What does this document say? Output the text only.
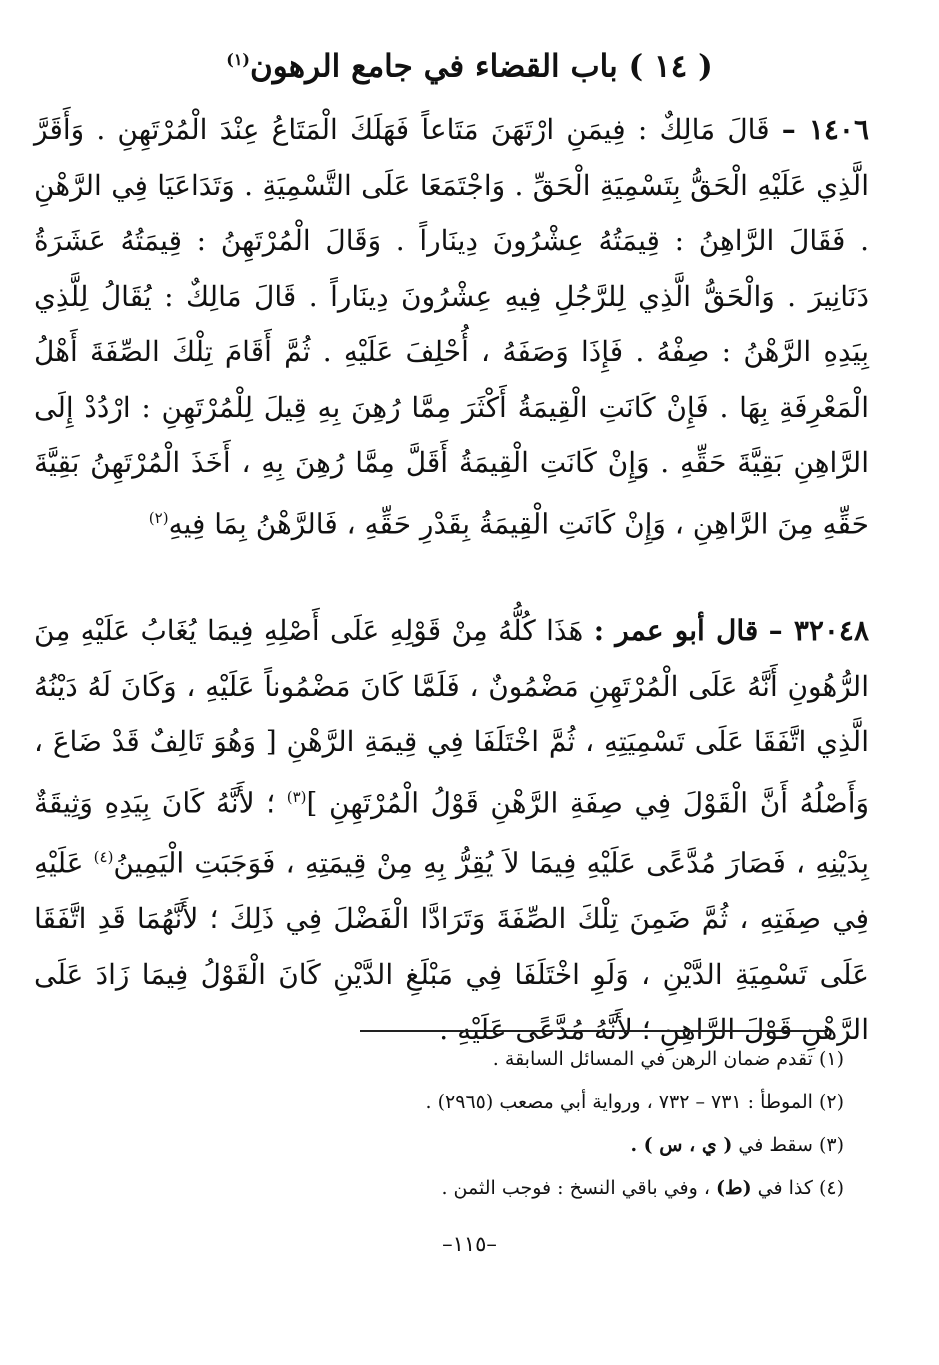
( ١٤ ) باب القضاء في جامع الرهون$^{(١)}$
١٤٠٦ – قَالَ مَالِكٌ : فِيمَنِ ارْتَهَنَ مَتَاعاً فَهَلَكَ الْمَتَاعُ عِنْدَ الْمُرْتَهِنِ . وَأَقَرَّ الَّذِي عَلَيْهِ الْحَقُّ بِتَسْمِيَةِ الْحَقِّ . وَاجْتَمَعَا عَلَى التَّسْمِيَةِ . وَتَدَاعَيَا فِي الرَّهْنِ . فَقَالَ الرَّاهِنُ : قِيمَتُهُ عِشْرُونَ دِينَاراً . وَقَالَ الْمُرْتَهِنُ : قِيمَتُهُ عَشَرَةُ دَنَانِيرَ . وَالْحَقُّ الَّذِي لِلرَّجُلِ فِيهِ عِشْرُونَ دِينَاراً . قَالَ مَالِكٌ : يُقَالُ لِلَّذِي بِيَدِهِ الرَّهْنُ : صِفْهُ . فَإِذَا وَصَفَهُ ، أُحْلِفَ عَلَيْهِ . ثُمَّ أَقَامَ تِلْكَ الصِّفَةَ أَهْلُ الْمَعْرِفَةِ بِهَا . فَإِنْ كَانَتِ الْقِيمَةُ أَكْثَرَ مِمَّا رُهِنَ بِهِ قِيلَ لِلْمُرْتَهِنِ : ارْدُدْ إِلَى الرَّاهِنِ بَقِيَّةَ حَقِّهِ . وَإِنْ كَانَتِ الْقِيمَةُ أَقَلَّ مِمَّا رُهِنَ بِهِ ، أَخَذَ الْمُرْتَهِنُ بَقِيَّةَ حَقِّهِ مِنَ الرَّاهِنِ ، وَإِنْ كَانَتِ الْقِيمَةُ بِقَدْرِ حَقِّهِ ، فَالرَّهْنُ بِمَا فِيهِ$^{(٢)}$
٣٢٠٤٨ – قال أبو عمر : هَذَا كُلُّهُ مِنْ قَوْلِهِ عَلَى أَصْلِهِ فِيمَا يُغَابُ عَلَيْهِ مِنَ الرُّهُونِ أَنَّهُ عَلَى الْمُرْتَهِنِ مَضْمُونٌ ، فَلَمَّا كَانَ مَضْمُوناً عَلَيْهِ ، وَكَانَ لَهُ دَيْنُهُ الَّذِي اتَّفَقَا عَلَى تَسْمِيَتِهِ ، ثُمَّ اخْتَلَفَا فِي قِيمَةِ الرَّهْنِ [ وَهُوَ تَالِفٌ قَدْ ضَاعَ ، وَأَصْلُهُ أَنَّ الْقَوْلَ فِي صِفَةِ الرَّهْنِ قَوْلُ الْمُرْتَهِنِ ]$^{(٣)}$ ؛ لأَنَّهُ كَانَ بِيَدِهِ وَثِيقَةٌ بِدَيْنِهِ ، فَصَارَ مُدَّعًى عَلَيْهِ فِيمَا لاَ يُقِرُّ بِهِ مِنْ قِيمَتِهِ ، فَوَجَبَتِ الْيَمِينُ$^{(٤)}$ عَلَيْهِ فِي صِفَتِهِ ، ثُمَّ ضَمِنَ تِلْكَ الصِّفَةَ وَتَرَادَّا الْفَضْلَ فِي ذَلِكَ ؛ لأَنَّهُمَا قَدِ اتَّفَقَا عَلَى تَسْمِيَةِ الدَّيْنِ ، وَلَوِ اخْتَلَفَا فِي مَبْلَغِ الدَّيْنِ كَانَ الْقَوْلُ فِيمَا زَادَ عَلَى الرَّهْنِ قَوْلَ الرَّاهِنِ ؛ لأَنَّهُ مُدَّعًى عَلَيْهِ .
(١) تقدم ضمان الرهن في المسائل السابقة .
(٢) الموطأ : ٧٣١ – ٧٣٢ ، ورواية أبي مصعب (٢٩٦٥) .
(٣) سقط في ( ي ، س ) .
(٤) كذا في (ط) ، وفي باقي النسخ : فوجب الثمن .
–١١٥–
